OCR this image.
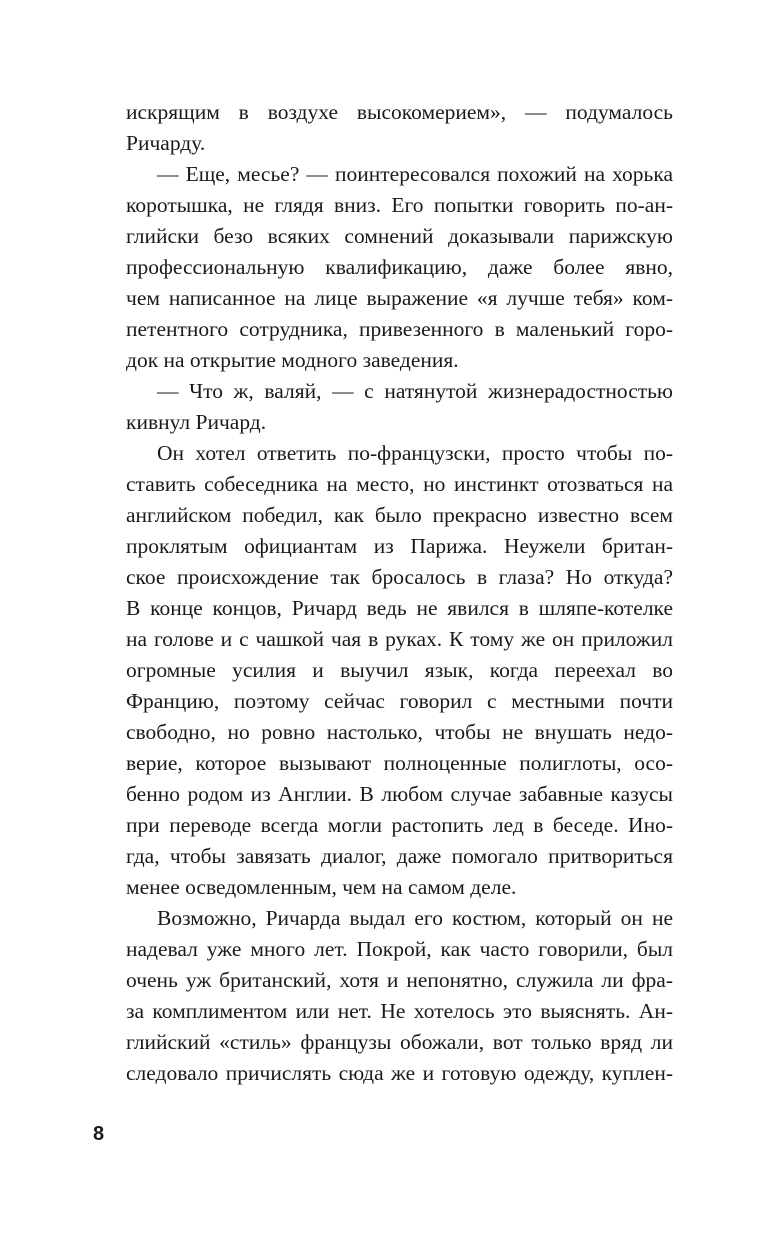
искрящим в воздухе высокомерием», — подумалось
Ричарду.
— Еще, месье? — поинтересовался похожий на хорька
коротышка, не глядя вниз. Его попытки говорить по-ан-
глийски безо всяких сомнений доказывали парижскую
профессиональную квалификацию, даже более явно,
чем написанное на лице выражение «я лучше тебя» ком-
петентного сотрудника, привезенного в маленький горо-
док на открытие модного заведения.
— Что ж, валяй, — с натянутой жизнерадостностью
кивнул Ричард.
Он хотел ответить по-французски, просто чтобы по-
ставить собеседника на место, но инстинкт отозваться на
английском победил, как было прекрасно известно всем
проклятым официантам из Парижа. Неужели британ-
ское происхождение так бросалось в глаза? Но откуда?
В конце концов, Ричард ведь не явился в шляпе-котелке
на голове и с чашкой чая в руках. К тому же он приложил
огромные усилия и выучил язык, когда переехал во
Францию, поэтому сейчас говорил с местными почти
свободно, но ровно настолько, чтобы не внушать недо-
верие, которое вызывают полноценные полиглоты, осо-
бенно родом из Англии. В любом случае забавные казусы
при переводе всегда могли растопить лед в беседе. Ино-
гда, чтобы завязать диалог, даже помогало притвориться
менее осведомленным, чем на самом деле.
Возможно, Ричарда выдал его костюм, который он не
надевал уже много лет. Покрой, как часто говорили, был
очень уж британский, хотя и непонятно, служила ли фра-
за комплиментом или нет. Не хотелось это выяснять. Ан-
глийский «стиль» французы обожали, вот только вряд ли
следовало причислять сюда же и готовую одежду, куплен-
8
